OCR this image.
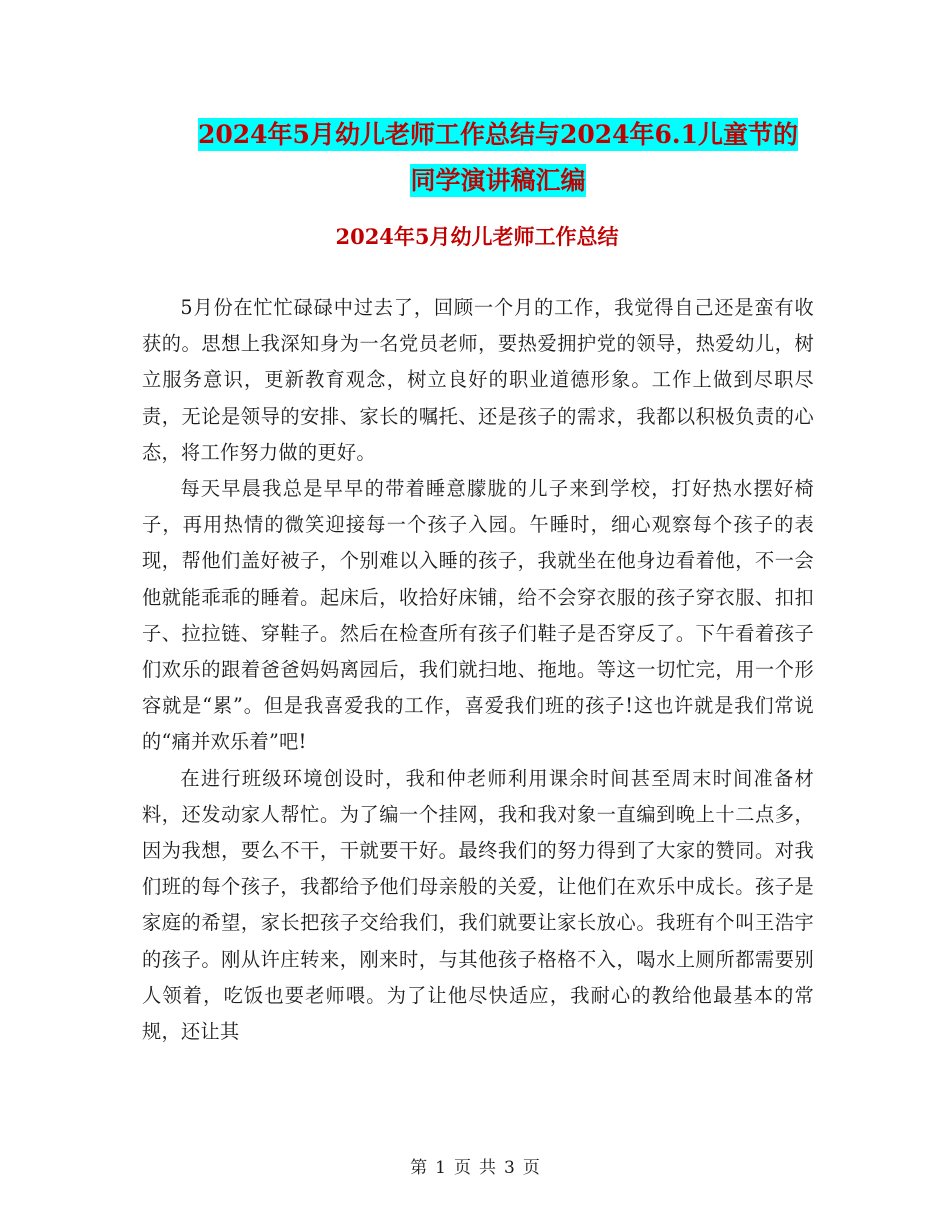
2024年5月幼儿老师工作总结与2024年6.1儿童节的
同学演讲稿汇编
2024年5月幼儿老师工作总结

5月份在忙忙碌碌中过去了，回顾一个月的工作，我觉得自己还是蛮有收获的。思想上我深知身为一名党员老师，要热爱拥护党的领导，热爱幼儿，树立服务意识，更新教育观念，树立良好的职业道德形象。工作上做到尽职尽责，无论是领导的安排、家长的嘱托、还是孩子的需求，我都以积极负责的心态，将工作努力做的更好。

每天早晨我总是早早的带着睡意朦胧的儿子来到学校，打好热水摆好椅子，再用热情的微笑迎接每一个孩子入园。午睡时，细心观察每个孩子的表现，帮他们盖好被子，个别难以入睡的孩子，我就坐在他身边看着他，不一会他就能乖乖的睡着。起床后，收拾好床铺，给不会穿衣服的孩子穿衣服、扣扣子、拉拉链、穿鞋子。然后在检查所有孩子们鞋子是否穿反了。下午看着孩子们欢乐的跟着爸爸妈妈离园后，我们就扫地、拖地。等这一切忙完，用一个形容就是“累”。但是我喜爱我的工作，喜爱我们班的孩子!这也许就是我们常说的“痛并欢乐着”吧!

在进行班级环境创设时，我和仲老师利用课余时间甚至周末时间准备材料，还发动家人帮忙。为了编一个挂网，我和我对象一直编到晚上十二点多，因为我想，要么不干，干就要干好。最终我们的努力得到了大家的赞同。对我们班的每个孩子，我都给予他们母亲般的关爱，让他们在欢乐中成长。孩子是家庭的希望，家长把孩子交给我们，我们就要让家长放心。我班有个叫王浩宇的孩子。刚从许庄转来，刚来时，与其他孩子格格不入，喝水上厕所都需要别人领着，吃饭也要老师喂。为了让他尽快适应，我耐心的教给他最基本的常规，还让其

第 1 页 共 3 页
